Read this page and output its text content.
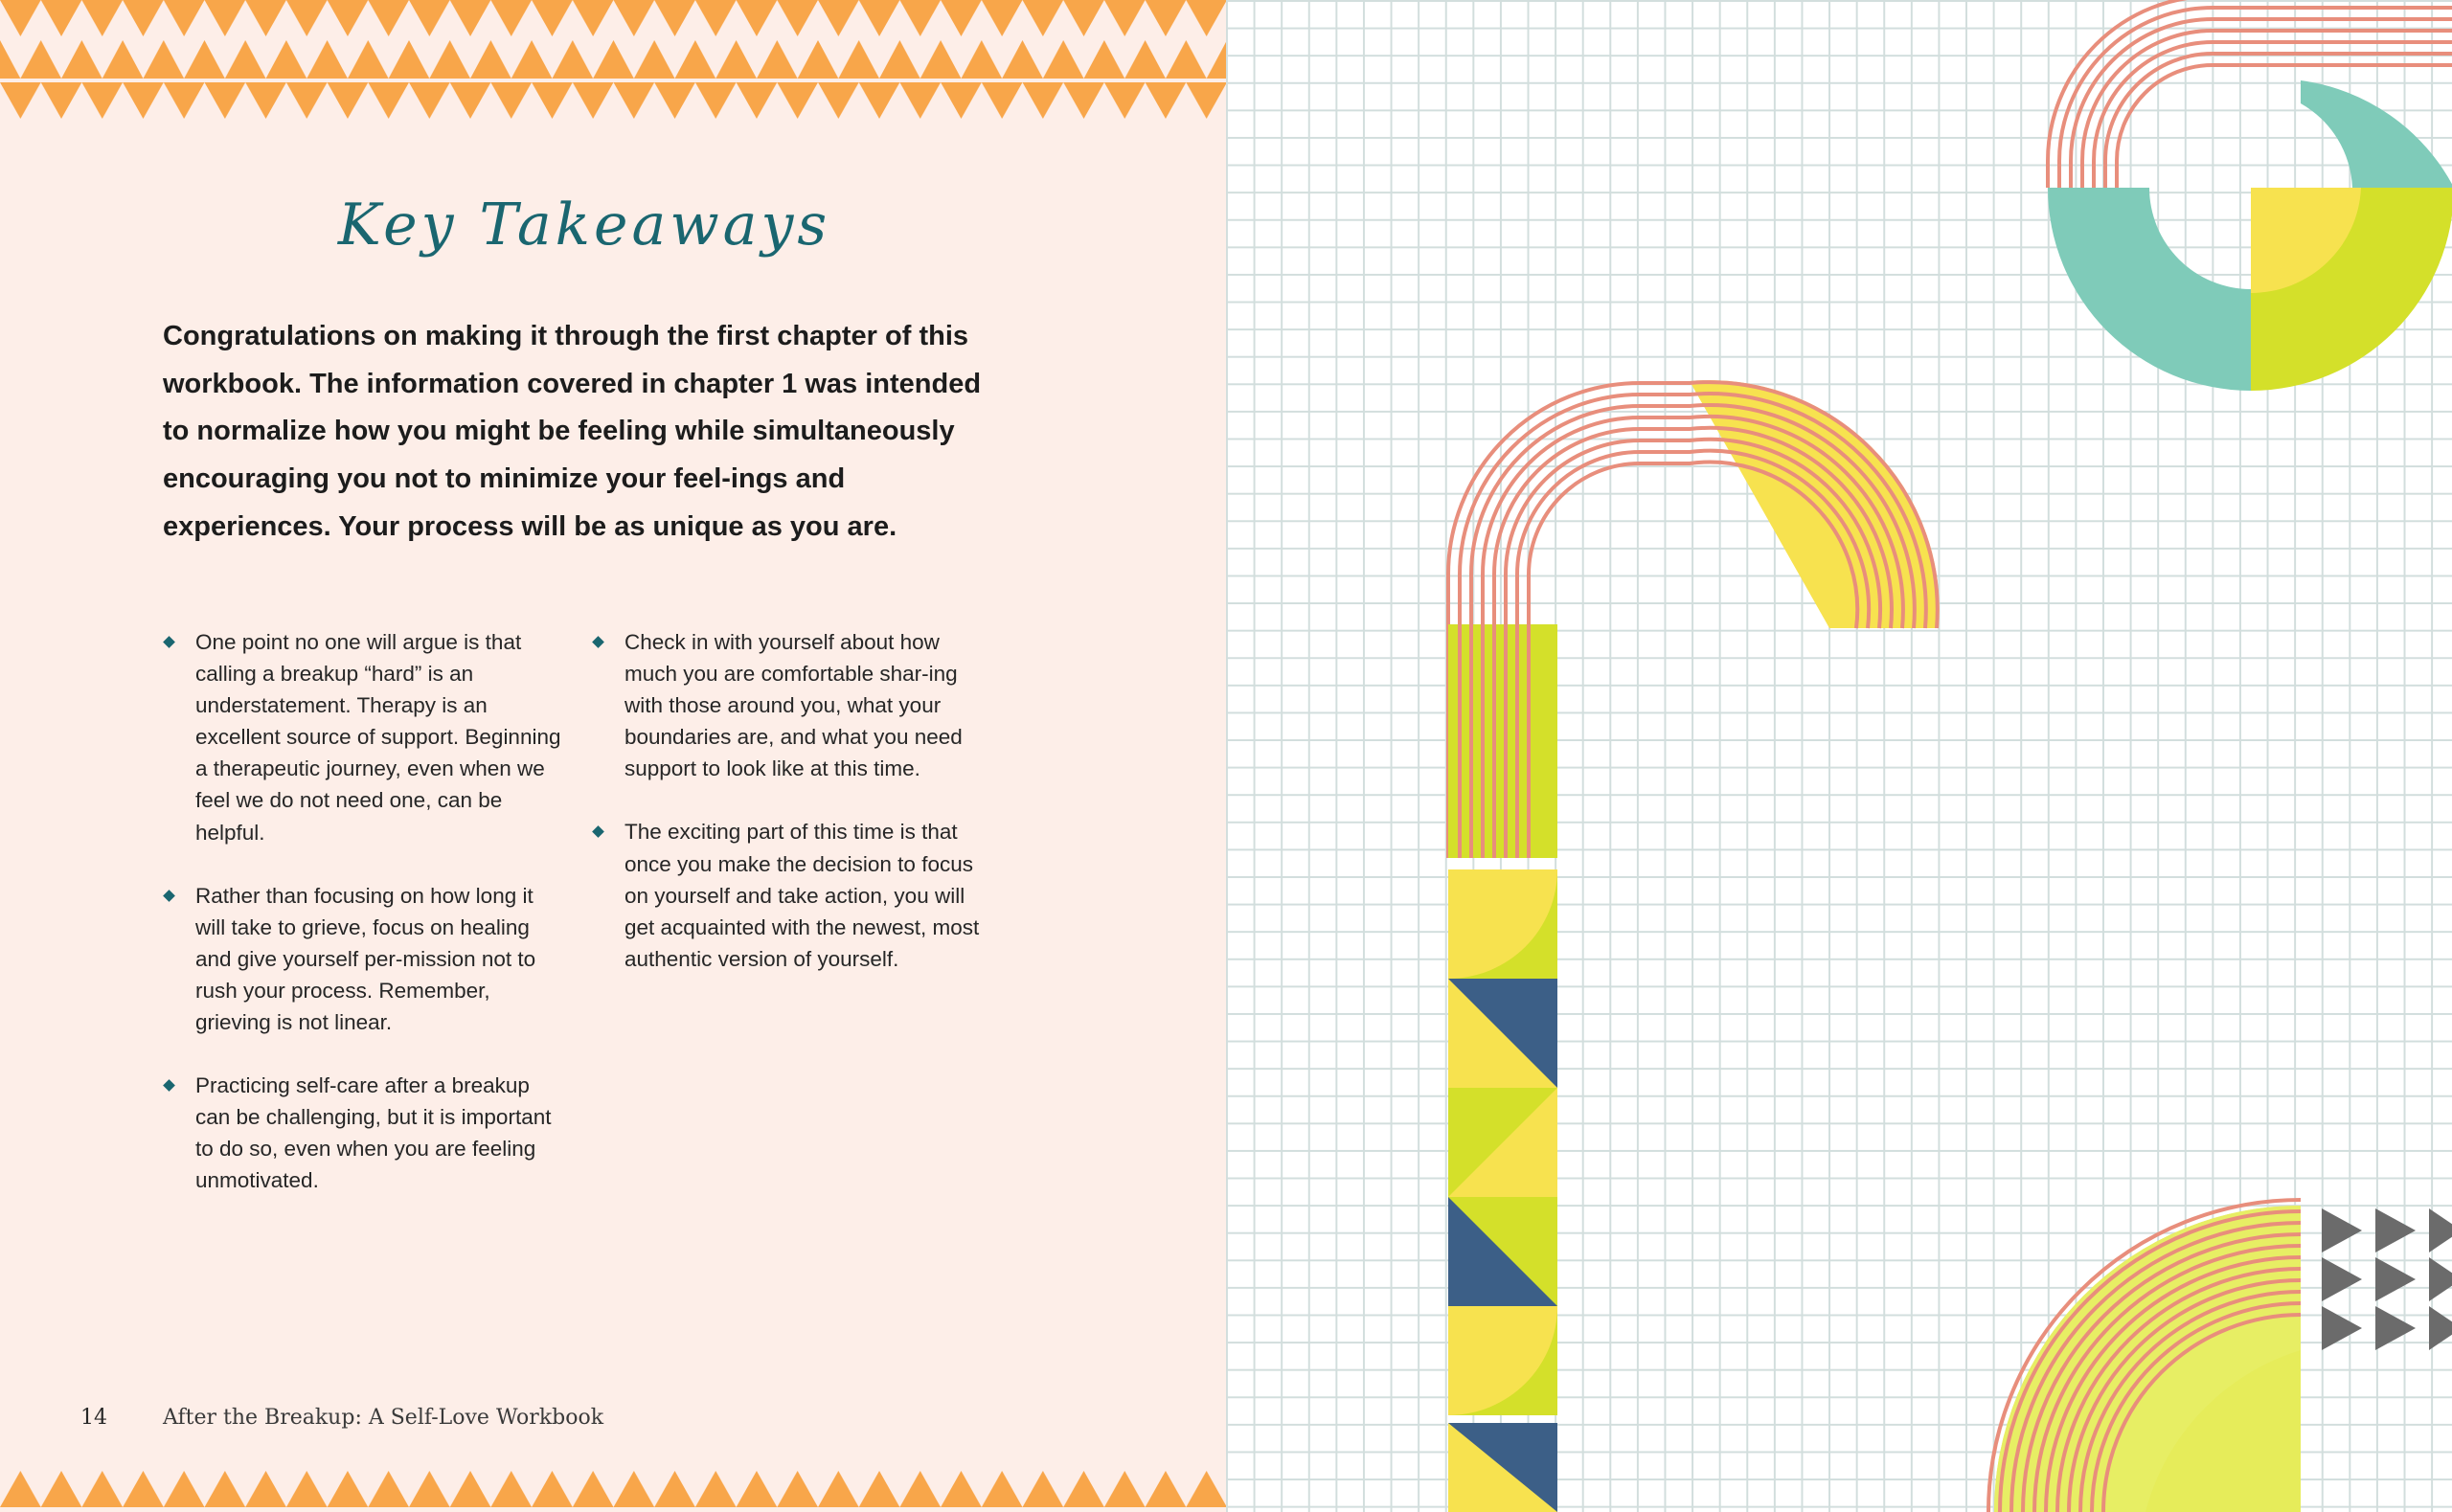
Key Takeaways

Congratulations on making it through the first chapter of this workbook. The information covered in chapter 1 was intended to normalize how you might be feeling while simultaneously encouraging you not to minimize your feel-ings and experiences. Your process will be as unique as you are.

One point no one will argue is that calling a breakup “hard” is an understatement. Therapy is an excellent source of support. Beginning a therapeutic journey, even when we feel we do not need one, can be helpful.
Rather than focusing on how long it will take to grieve, focus on healing and give yourself per-mission not to rush your process. Remember, grieving is not linear.
Practicing self-care after a breakup can be challenging, but it is important to do so, even when you are feeling unmotivated.
Check in with yourself about how much you are comfortable shar-ing with those around you, what your boundaries are, and what you need support to look like at this time.
The exciting part of this time is that once you make the decision to focus on yourself and take action, you will get acquainted with the newest, most authentic version of yourself.
14	After the Breakup: A Self-Love Workbook
